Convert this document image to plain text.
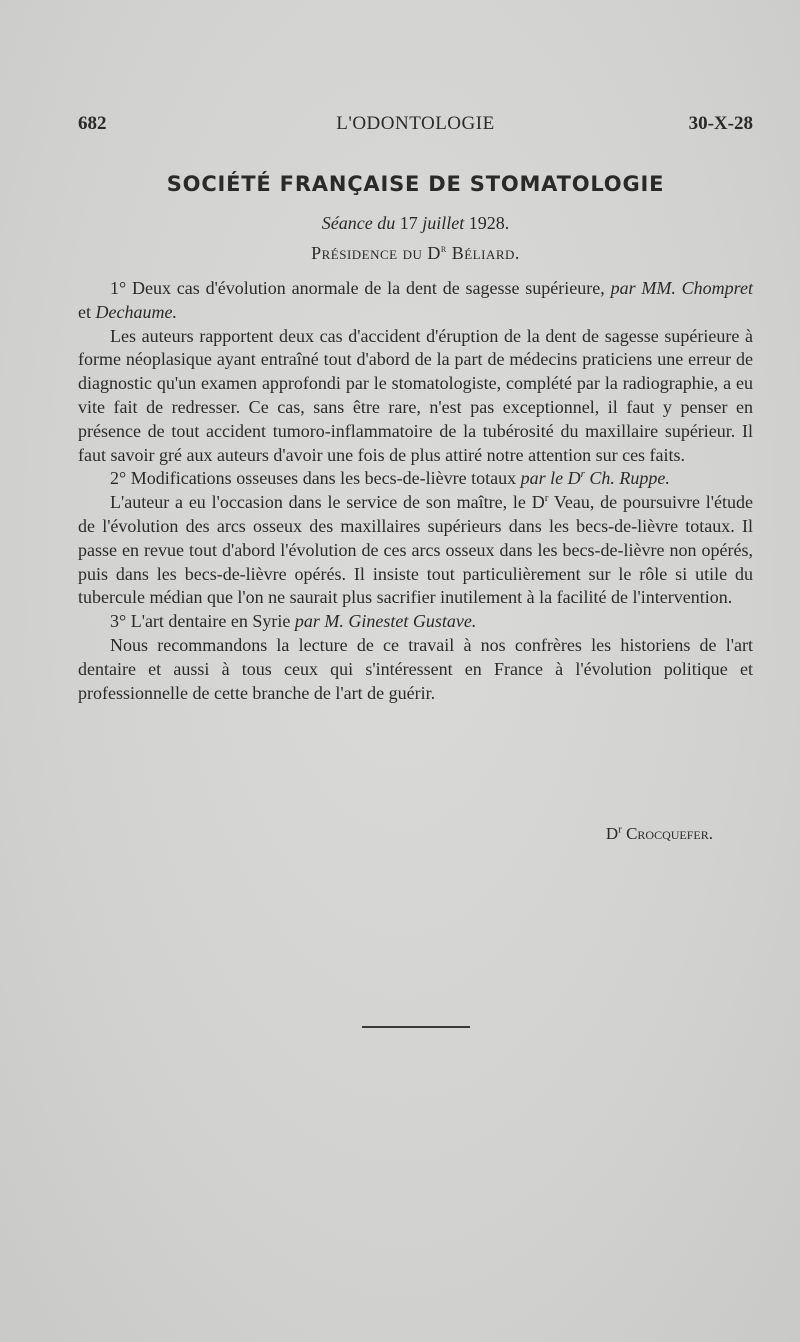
682	L'ODONTOLOGIE	30-X-28
SOCIÉTÉ FRANÇAISE DE STOMATOLOGIE
Séance du 17 juillet 1928.
Présidence du $D^r$ Béliard.

1° Deux cas d'évolution anormale de la dent de sagesse supérieure, par MM. Chompret et Dechaume.

Les auteurs rapportent deux cas d'accident d'éruption de la dent de sagesse supérieure à forme néoplasique ayant entraîné tout d'abord de la part de médecins praticiens une erreur de diagnostic qu'un examen approfondi par le stomatologiste, complété par la radiographie, a eu vite fait de redresser. Ce cas, sans être rare, n'est pas exceptionnel, il faut y penser en présence de tout accident tumoro-inflammatoire de la tubérosité du maxillaire supérieur. Il faut savoir gré aux auteurs d'avoir une fois de plus attiré notre attention sur ces faits.

2° Modifications osseuses dans les becs-de-lièvre totaux par le $D^r$ Ch. Ruppe.

L'auteur a eu l'occasion dans le service de son maître, le $D^r$ Veau, de poursuivre l'étude de l'évolution des arcs osseux des maxillaires supérieurs dans les becs-de-lièvre totaux. Il passe en revue tout d'abord l'évolution de ces arcs osseux dans les becs-de-lièvre non opérés, puis dans les becs-de-lièvre opérés. Il insiste tout particulièrement sur le rôle si utile du tubercule médian que l'on ne saurait plus sacrifier inutilement à la facilité de l'intervention.

3° L'art dentaire en Syrie par M. Ginestet Gustave.

Nous recommandons la lecture de ce travail à nos confrères les historiens de l'art dentaire et aussi à tous ceux qui s'intéressent en France à l'évolution politique et professionnelle de cette branche de l'art de guérir.

$D^r$ Crocquefer.
